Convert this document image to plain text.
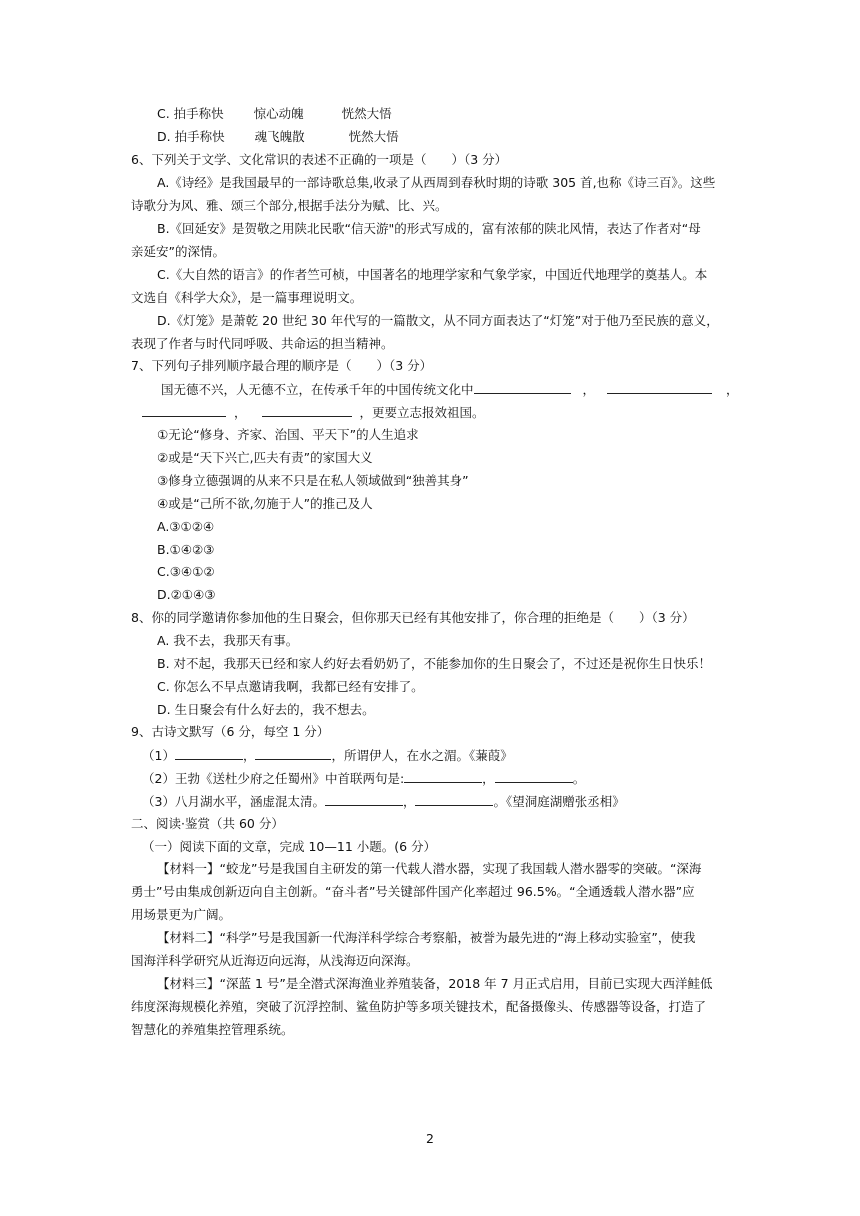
C. 拍手称快 惊心动魄	恍然大悟
D. 拍手称快 魂飞魄散	恍然大悟
6、下列关于文学、文化常识的表述不正确的一项是（　　）（3 分）
A.《诗经》是我国最早的一部诗歌总集,收录了从西周到春秋时期的诗歌 305 首,也称《诗三百》。这些
诗歌分为风、雅、颂三个部分,根据手法分为赋、比、兴。
B.《回延安》是贺敬之用陕北民歌“信天游"的形式写成的，富有浓郁的陕北风情，表达了作者对“母
亲延安”的深情。
C.《大自然的语言》的作者竺可桢，中国著名的地理学家和气象学家，中国近代地理学的奠基人。本
文选自《科学大众》，是一篇事理说明文。
D.《灯笼》是萧乾 20 世纪 30 年代写的一篇散文，从不同方面表达了“灯笼”对于他乃至民族的意义，
表现了作者与时代同呼吸、共命运的担当精神。
7、下列句子排列顺序最合理的顺序是（　　）（3 分）
国无德不兴，人无德不立，在传承千年的中国传统文化中	，	，
，	，更要立志报效祖国。
①无论“修身、齐家、治国、平天下”的人生追求
②或是“天下兴亡,匹夫有责”的家国大义
③修身立德强调的从来不只是在私人领域做到“独善其身”
④或是“己所不欲,勿施于人”的推己及人
A.③①②④
B.①④②③
C.③④①②
D.②①④③
8、你的同学邀请你参加他的生日聚会，但你那天已经有其他安排了，你合理的拒绝是（　　）（3 分）
A. 我不去，我那天有事。
B. 对不起，我那天已经和家人约好去看奶奶了，不能参加你的生日聚会了，不过还是祝你生日快乐！
C. 你怎么不早点邀请我啊，我都已经有安排了。
D. 生日聚会有什么好去的，我不想去。
9、古诗文默写（6 分，每空 1 分）
（1）	，	，所谓伊人，在水之湄。《蒹葭》
（2）王勃《送杜少府之任蜀州》中首联两句是:	，	。
（3）八月湖水平，涵虚混太清。	，	。《望洞庭湖赠张丞相》
二、阅读·鉴赏（共 60 分）
（一）阅读下面的文章，完成 10—11 小题。(6 分）
【材料一】“蛟龙”号是我国自主研发的第一代载人潜水器，实现了我国载人潜水器零的突破。“深海
勇士”号由集成创新迈向自主创新。“奋斗者”号关键部件国产化率超过 96.5%。“全通透载人潜水器”应
用场景更为广阔。
【材料二】“科学”号是我国新一代海洋科学综合考察船，被誉为最先进的“海上移动实验室”，使我
国海洋科学研究从近海迈向远海，从浅海迈向深海。
【材料三】“深蓝 1 号”是全潜式深海渔业养殖装备，2018 年 7 月正式启用，目前已实现大西洋鲑低
纬度深海规模化养殖，突破了沉浮控制、鲨鱼防护等多项关键技术，配备摄像头、传感器等设备，打造了
智慧化的养殖集控管理系统。
2
